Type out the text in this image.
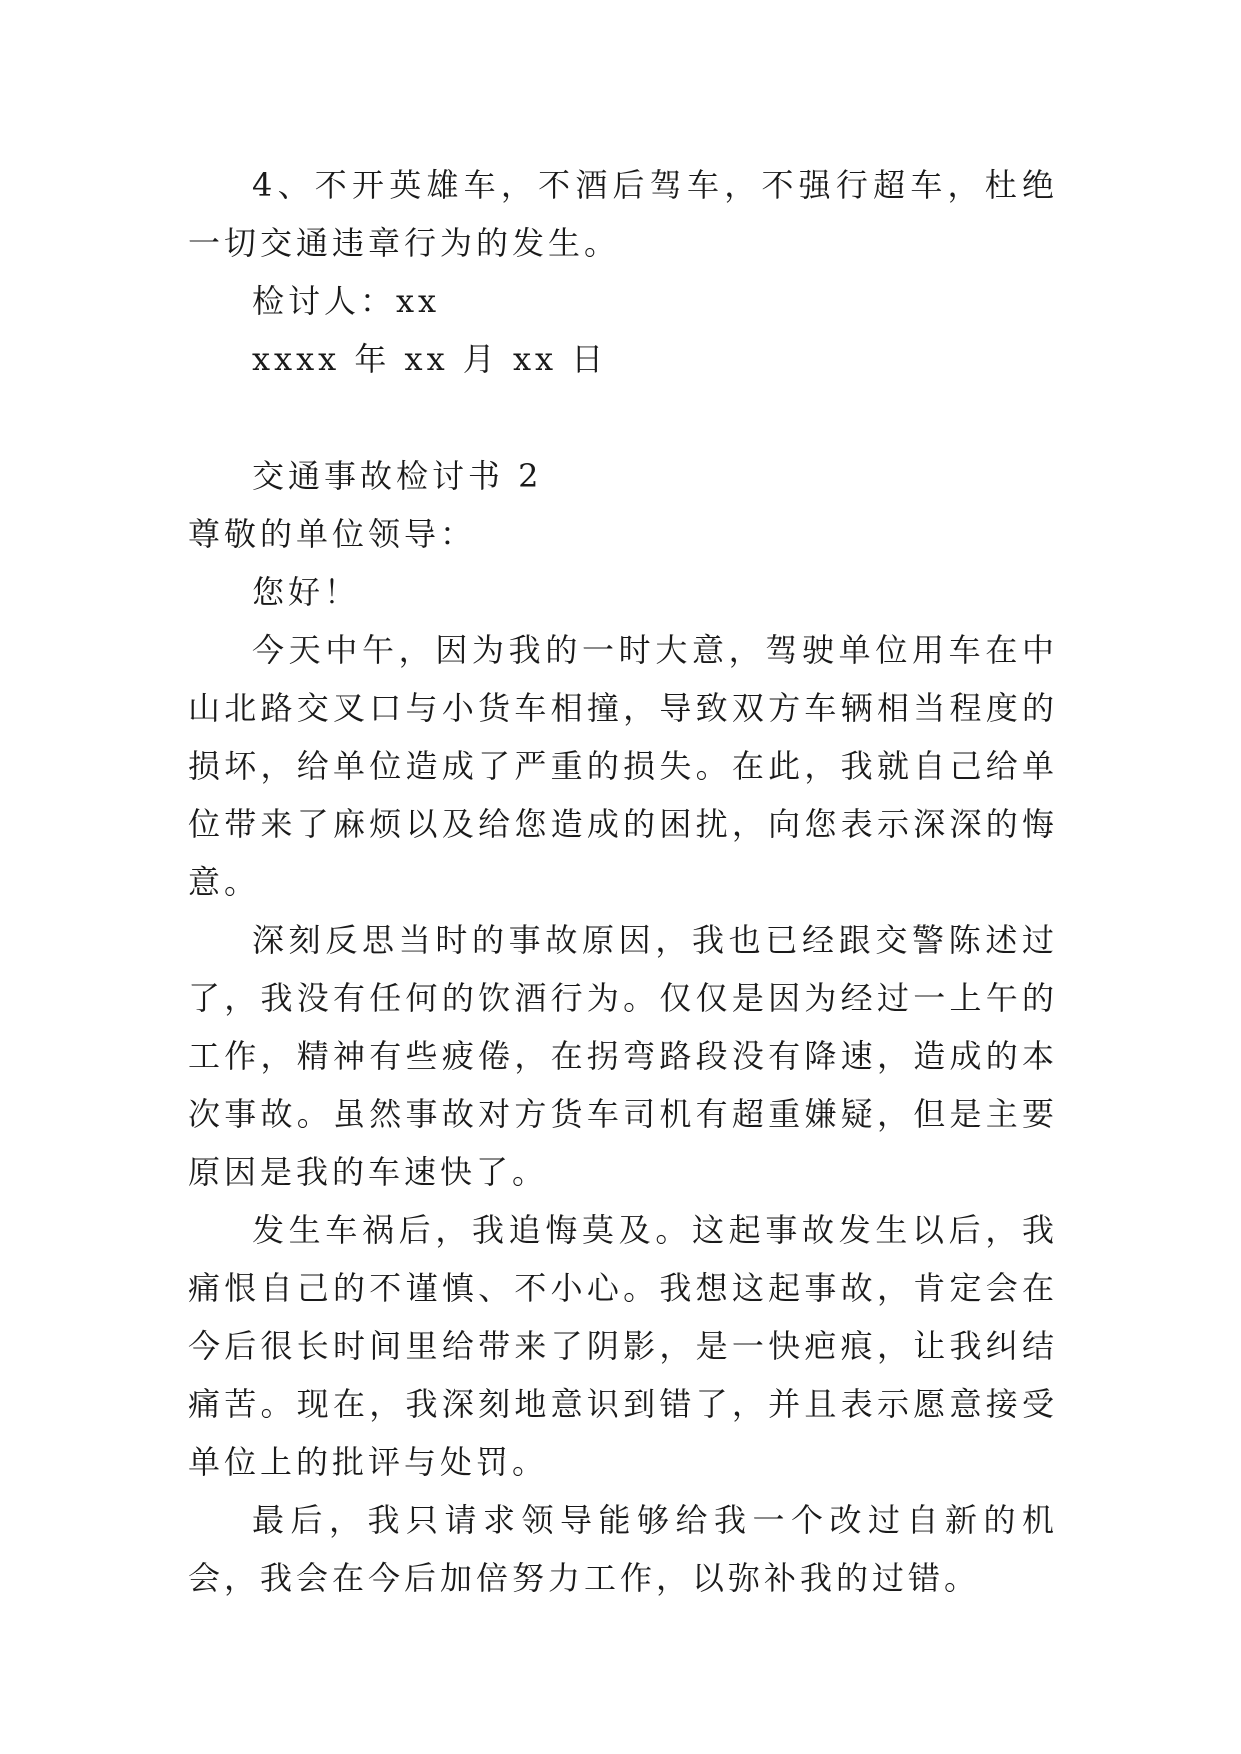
4、不开英雄车，不酒后驾车，不强行超车，杜绝一切交通违章行为的发生。

检讨人：xx

xxxx 年 xx 月 xx 日

交通事故检讨书 2

尊敬的单位领导：

您好！

今天中午，因为我的一时大意，驾驶单位用车在中山北路交叉口与小货车相撞，导致双方车辆相当程度的损坏，给单位造成了严重的损失。在此，我就自己给单位带来了麻烦以及给您造成的困扰，向您表示深深的悔意。

深刻反思当时的事故原因，我也已经跟交警陈述过了，我没有任何的饮酒行为。仅仅是因为经过一上午的工作，精神有些疲倦，在拐弯路段没有降速，造成的本次事故。虽然事故对方货车司机有超重嫌疑，但是主要原因是我的车速快了。

发生车祸后，我追悔莫及。这起事故发生以后，我痛恨自己的不谨慎、不小心。我想这起事故，肯定会在今后很长时间里给带来了阴影，是一快疤痕，让我纠结痛苦。现在，我深刻地意识到错了，并且表示愿意接受单位上的批评与处罚。

最后，我只请求领导能够给我一个改过自新的机会，我会在今后加倍努力工作，以弥补我的过错。
